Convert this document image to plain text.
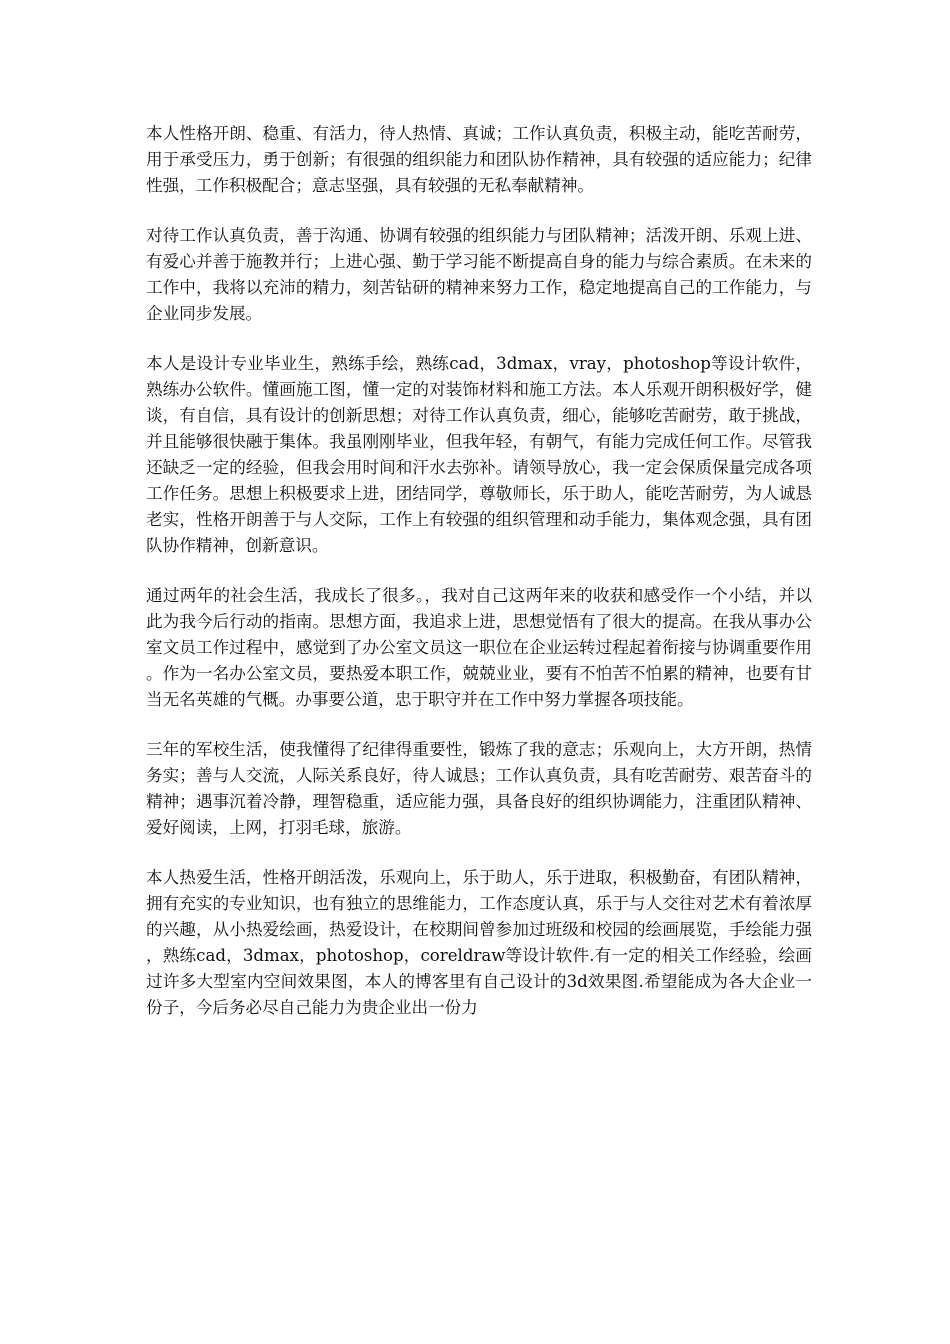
本人性格开朗、稳重、有活力，待人热情、真诚；工作认真负责，积极主动，能吃苦耐劳，用于承受压力，勇于创新；有很强的组织能力和团队协作精神，具有较强的适应能力；纪律性强，工作积极配合；意志坚强，具有较强的无私奉献精神。

对待工作认真负责，善于沟通、协调有较强的组织能力与团队精神；活泼开朗、乐观上进、有爱心并善于施教并行；上进心强、勤于学习能不断提高自身的能力与综合素质。在未来的工作中，我将以充沛的精力，刻苦钻研的精神来努力工作，稳定地提高自己的工作能力，与企业同步发展。

本人是设计专业毕业生，熟练手绘，熟练cad，3dmax，vray，photoshop等设计软件，熟练办公软件。懂画施工图，懂一定的对装饰材料和施工方法。本人乐观开朗积极好学，健谈，有自信，具有设计的创新思想；对待工作认真负责，细心，能够吃苦耐劳，敢于挑战，并且能够很快融于集体。我虽刚刚毕业，但我年轻，有朝气，有能力完成任何工作。尽管我还缺乏一定的经验，但我会用时间和汗水去弥补。请领导放心，我一定会保质保量完成各项工作任务。思想上积极要求上进，团结同学，尊敬师长，乐于助人，能吃苦耐劳，为人诚恳老实，性格开朗善于与人交际，工作上有较强的组织管理和动手能力，集体观念强，具有团队协作精神，创新意识。

通过两年的社会生活，我成长了很多。，我对自己这两年来的收获和感受作一个小结，并以此为我今后行动的指南。思想方面，我追求上进，思想觉悟有了很大的提高。在我从事办公室文员工作过程中，感觉到了办公室文员这一职位在企业运转过程起着衔接与协调重要作用。作为一名办公室文员，要热爱本职工作，兢兢业业，要有不怕苦不怕累的精神，也要有甘当无名英雄的气概。办事要公道，忠于职守并在工作中努力掌握各项技能。

三年的军校生活，使我懂得了纪律得重要性，锻炼了我的意志；乐观向上，大方开朗，热情务实；善与人交流，人际关系良好，待人诚恳；工作认真负责，具有吃苦耐劳、艰苦奋斗的精神；遇事沉着冷静，理智稳重，适应能力强，具备良好的组织协调能力，注重团队精神、爱好阅读，上网，打羽毛球，旅游。

本人热爱生活，性格开朗活泼，乐观向上，乐于助人，乐于进取，积极勤奋，有团队精神，拥有充实的专业知识，也有独立的思维能力，工作态度认真，乐于与人交往对艺术有着浓厚的兴趣，从小热爱绘画，热爱设计，在校期间曾参加过班级和校园的绘画展览，手绘能力强，熟练cad，3dmax，photoshop，coreldraw等设计软件.有一定的相关工作经验，绘画过许多大型室内空间效果图，本人的博客里有自己设计的3d效果图.希望能成为各大企业一份子，今后务必尽自己能力为贵企业出一份力
